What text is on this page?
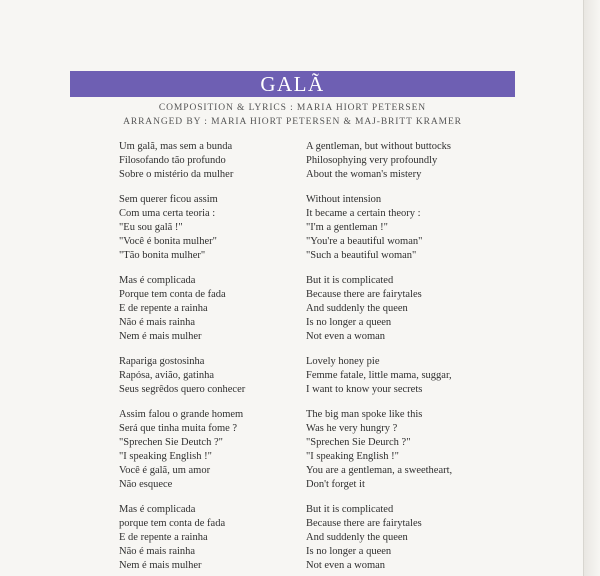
GALÃ
COMPOSITION & LYRICS : MARIA HIORT PETERSEN
ARRANGED BY : MARIA HIORT PETERSEN & MAJ-BRITT KRAMER
Um galã, mas sem a bunda
Filosofando tão profundo
Sobre o mistério da mulher
Sem querer ficou assim
Com uma certa teoria :
"Eu sou galã !"
"Você é bonita mulher"
"Tão bonita mulher"
Mas é complicada
Porque tem conta de fada
E de repente a rainha
Não é mais rainha
Nem é mais mulher
Rapariga gostosinha
Rapósa, avião, gatinha
Seus segrêdos quero conhecer
Assim falou o grande homem
Será que tinha muita fome ?
"Sprechen Sie Deutch ?"
"I speaking English !"
Você é galã, um amor
Não esquece
Mas é complicada
porque tem conta de fada
E de repente a rainha
Não é mais rainha
Nem é mais mulher
A gentleman, but without buttocks
Philosophying very profoundly
About the woman's mistery
Without intension
It became a certain theory :
"I'm a gentleman !"
"You're a beautiful woman"
"Such a beautiful woman"
But it is complicated
Because there are fairytales
And suddenly the queen
Is no longer a queen
Not even a woman
Lovely honey pie
Femme fatale, little mama, suggar,
I want to know your secrets
The big man spoke like this
Was he very hungry ?
"Sprechen Sie Deurch ?"
"I speaking English !"
You are a gentleman, a sweetheart,
Don't forget it
But it is complicated
Because there are fairytales
And suddenly the queen
Is no longer a queen
Not even a woman
